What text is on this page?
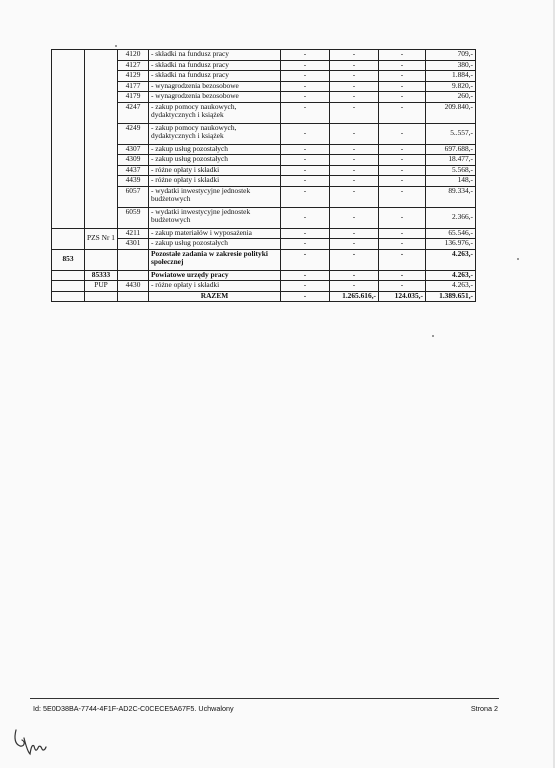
		4120	- składki na fundusz pracy	-	-	-	709,-
		4127	- składki na fundusz pracy	-	-	-	380,-
		4129	- składki na fundusz pracy	-	-	-	1.884,-
		4177	- wynagrodzenia bezosobowe	-	-	-	9.820,-
		4179	- wynagrodzenia bezosobowe	-	-	-	260,-
		4247	- zakup pomocy naukowych, dydaktycznych i książek	-	-	-	209.840,-
		4249	- zakup pomocy naukowych, dydaktycznych i książek	-	-	-	5..557,-
		4307	- zakup usług pozostałych	-	-	-	697.688,-
		4309	- zakup usług pozostałych	-	-	-	18.477,-
		4437	- różne opłaty i składki	-	-	-	5.568,-
		4439	- różne opłaty i składki	-	-	-	148,-
		6057	- wydatki inwestycyjne jednostek budżetowych	-	-	-	89.334,-
		6059	- wydatki inwestycyjne jednostek budżetowych	-	-	-	2.366,-
	PZS Nr 1	4211	- zakup materiałów i wyposażenia	-	-	-	65.546,-
		4301	- zakup usług pozostałych	-	-	-	136.976,-
853			Pozostałe zadania w zakresie polityki społecznej	-	-	-	4.263,-
	85333		Powiatowe urzędy pracy	-	-	-	4.263,-
	PUP	4430	- różne opłaty i składki	-	-	-	4.263,-
			RAZEM	-	1.265.616,-	124.035,-	1.389.651,-
Id: 5E0D38BA-7744-4F1F-AD2C-C0CECE5A67F5. Uchwalony	Strona 2
